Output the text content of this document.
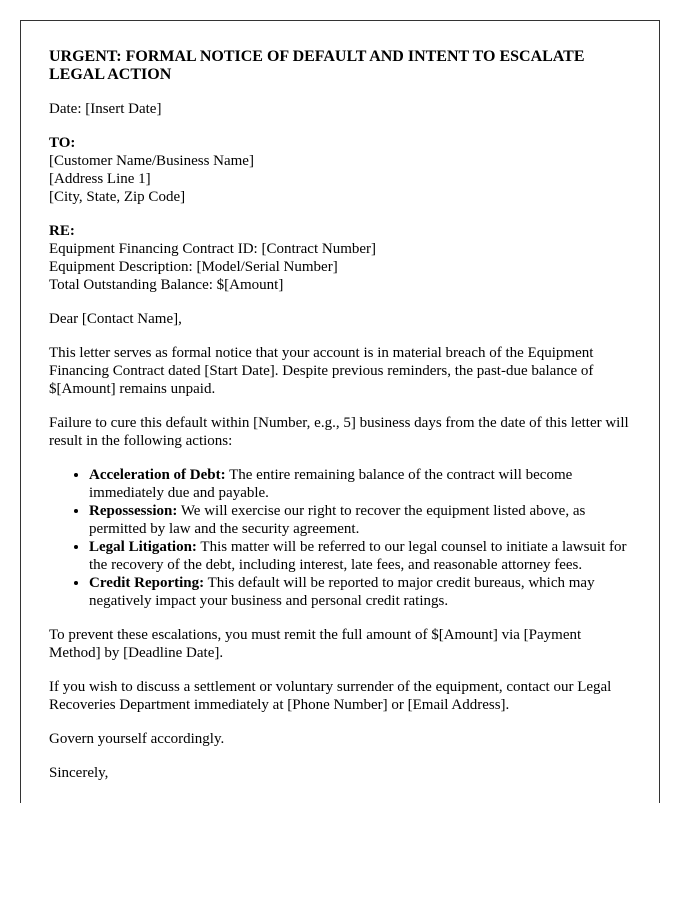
URGENT: FORMAL NOTICE OF DEFAULT AND INTENT TO ESCALATE LEGAL ACTION

Date: [Insert Date]

TO:
[Customer Name/Business Name]
[Address Line 1]
[City, State, Zip Code]

RE:
Equipment Financing Contract ID: [Contract Number]
Equipment Description: [Model/Serial Number]
Total Outstanding Balance: $[Amount]

Dear [Contact Name],

This letter serves as formal notice that your account is in material breach of the Equipment Financing Contract dated [Start Date]. Despite previous reminders, the past-due balance of $[Amount] remains unpaid.

Failure to cure this default within [Number, e.g., 5] business days from the date of this letter will result in the following actions:

• Acceleration of Debt: The entire remaining balance of the contract will become immediately due and payable.
• Repossession: We will exercise our right to recover the equipment listed above, as permitted by law and the security agreement.
• Legal Litigation: This matter will be referred to our legal counsel to initiate a lawsuit for the recovery of the debt, including interest, late fees, and reasonable attorney fees.
• Credit Reporting: This default will be reported to major credit bureaus, which may negatively impact your business and personal credit ratings.

To prevent these escalations, you must remit the full amount of $[Amount] via [Payment Method] by [Deadline Date].

If you wish to discuss a settlement or voluntary surrender of the equipment, contact our Legal Recoveries Department immediately at [Phone Number] or [Email Address].

Govern yourself accordingly.

Sincerely,
